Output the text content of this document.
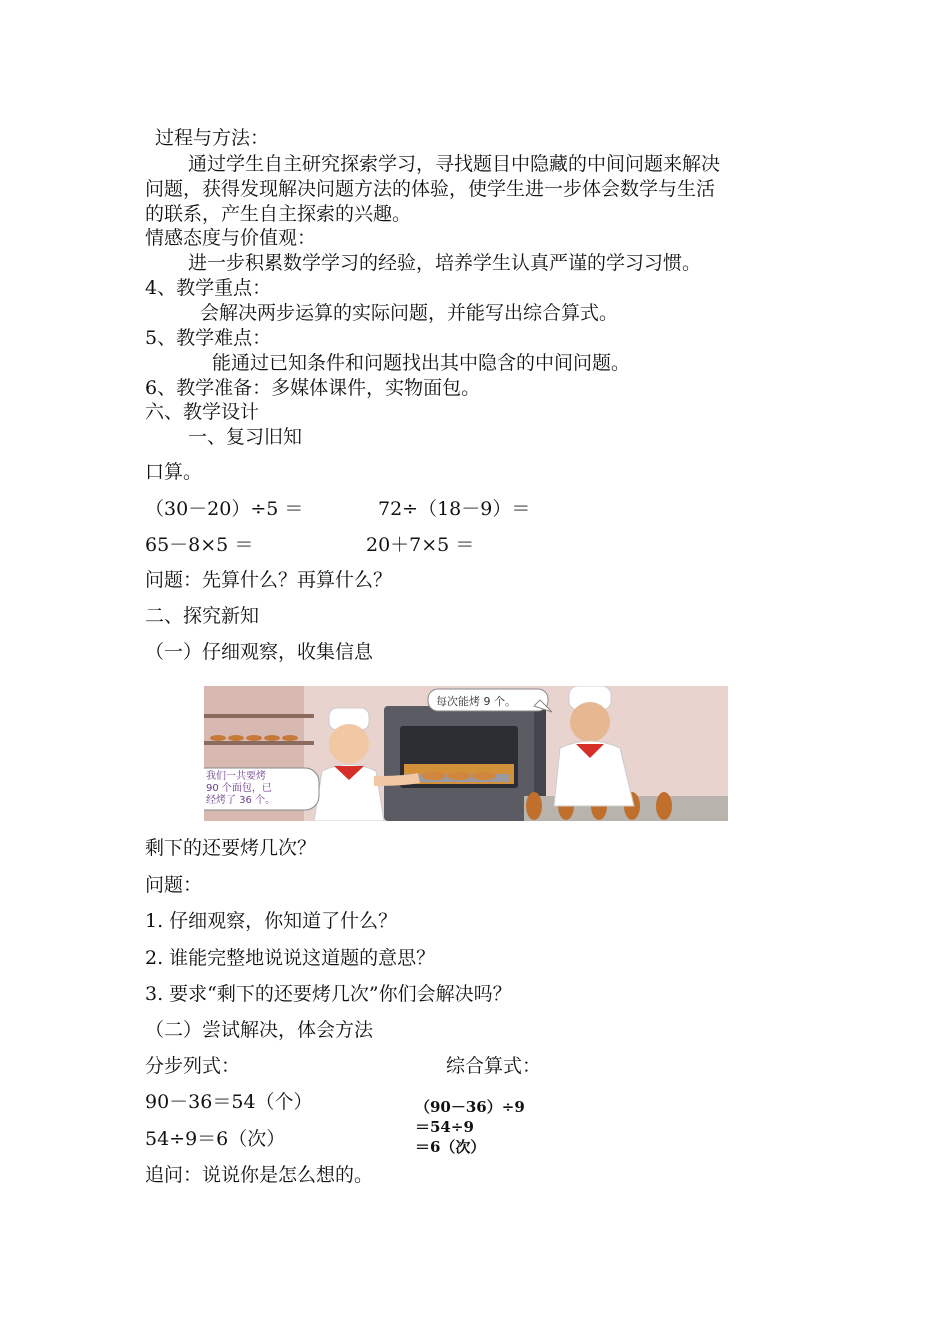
过程与方法：
通过学生自主研究探索学习，寻找题目中隐藏的中间问题来解决
问题，获得发现解决问题方法的体验，使学生进一步体会数学与生活
的联系，产生自主探索的兴趣。
情感态度与价值观：
进一步积累数学学习的经验，培养学生认真严谨的学习习惯。
4、教学重点：
会解决两步运算的实际问题，并能写出综合算式。
5、教学难点：
能通过已知条件和问题找出其中隐含的中间问题。
6、教学准备：多媒体课件，实物面包。
六、教学设计
一、复习旧知
口算。
（30－20）÷5 ＝	72÷（18－9）＝
65－8×5 ＝	20＋7×5 ＝
问题：先算什么？再算什么？
二、探究新知
（一）仔细观察，收集信息
每次能烤 9 个。
我们一共要烤
90 个面包，已
经烤了 36 个。
剩下的还要烤几次？
问题：
1. 仔细观察，你知道了什么？
2. 谁能完整地说说这道题的意思？
3. 要求“剩下的还要烤几次”你们会解决吗？
（二）尝试解决，体会方法
分步列式：	综合算式：
90－36＝54（个）	（90－36）÷9
＝54÷9
54÷9＝6（次）	＝6（次）
追问：说说你是怎么想的。
